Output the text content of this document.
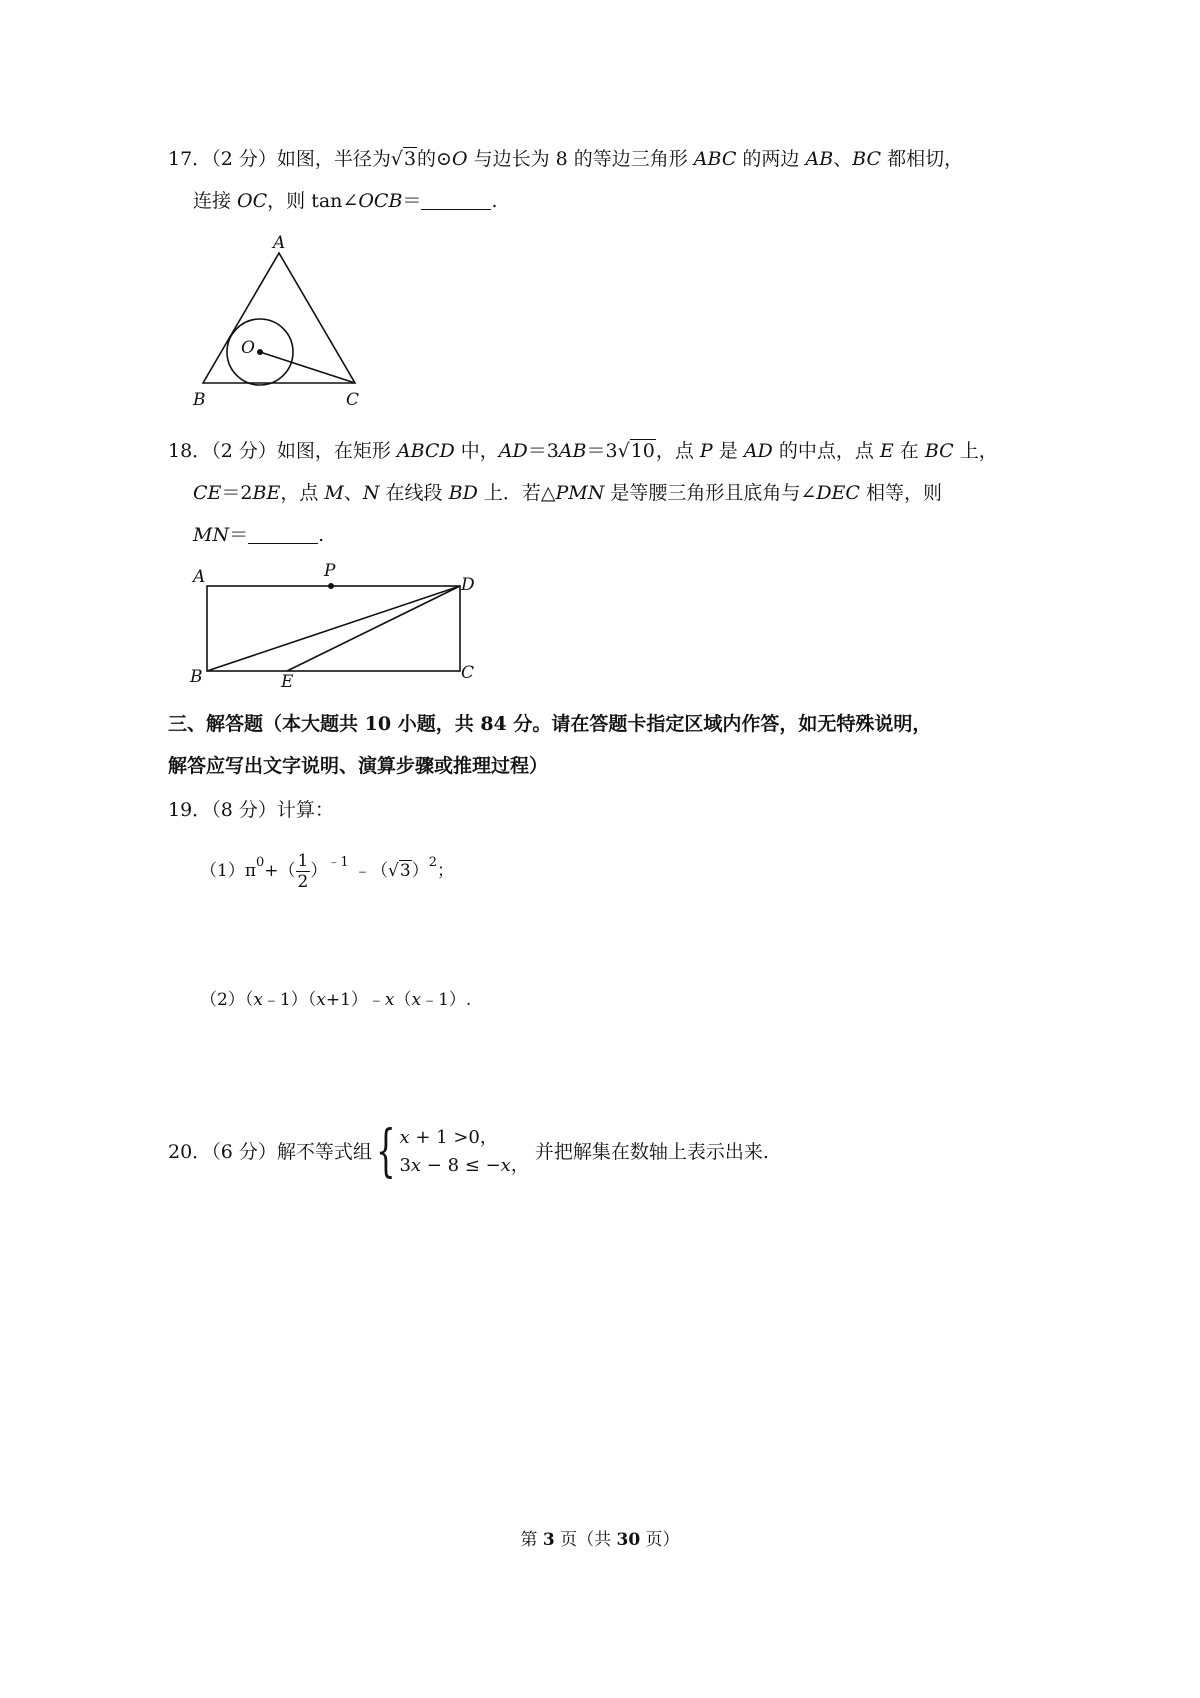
17．（2 分）如图，半径为√3的⊙O 与边长为 8 的等边三角形 ABC 的两边 AB、BC 都相切，
连接 OC，则 tan∠OCB＝	.
A
O
B	C
18．（2 分）如图，在矩形 ABCD 中，AD＝3AB＝3√10，点 P 是 AD 的中点，点 E 在 BC 上，
CE＝2BE，点 M、N 在线段 BD 上．若△PMN 是等腰三角形且底角与∠DEC 相等，则
MN＝	.
A	P
D
B	E	C
三、解答题（本大题共 10 小题，共 84 分。请在答题卡指定区域内作答，如无特殊说明，
解答应写出文字说明、演算步骤或推理过程）
19．（8 分）计算：
$(1)\pi^0+( \frac{1}{2} )^{﹣1}$ $﹣(√3)^2$；
（2）（x﹣1）（x+1）﹣x（x﹣1）.
20．（6 分）解不等式组{ 𝑥 + 1 >0，
3𝑥 − 8 ≤ −𝑥，
并把解集在数轴上表示出来.
第 3 页（共 30 页）
